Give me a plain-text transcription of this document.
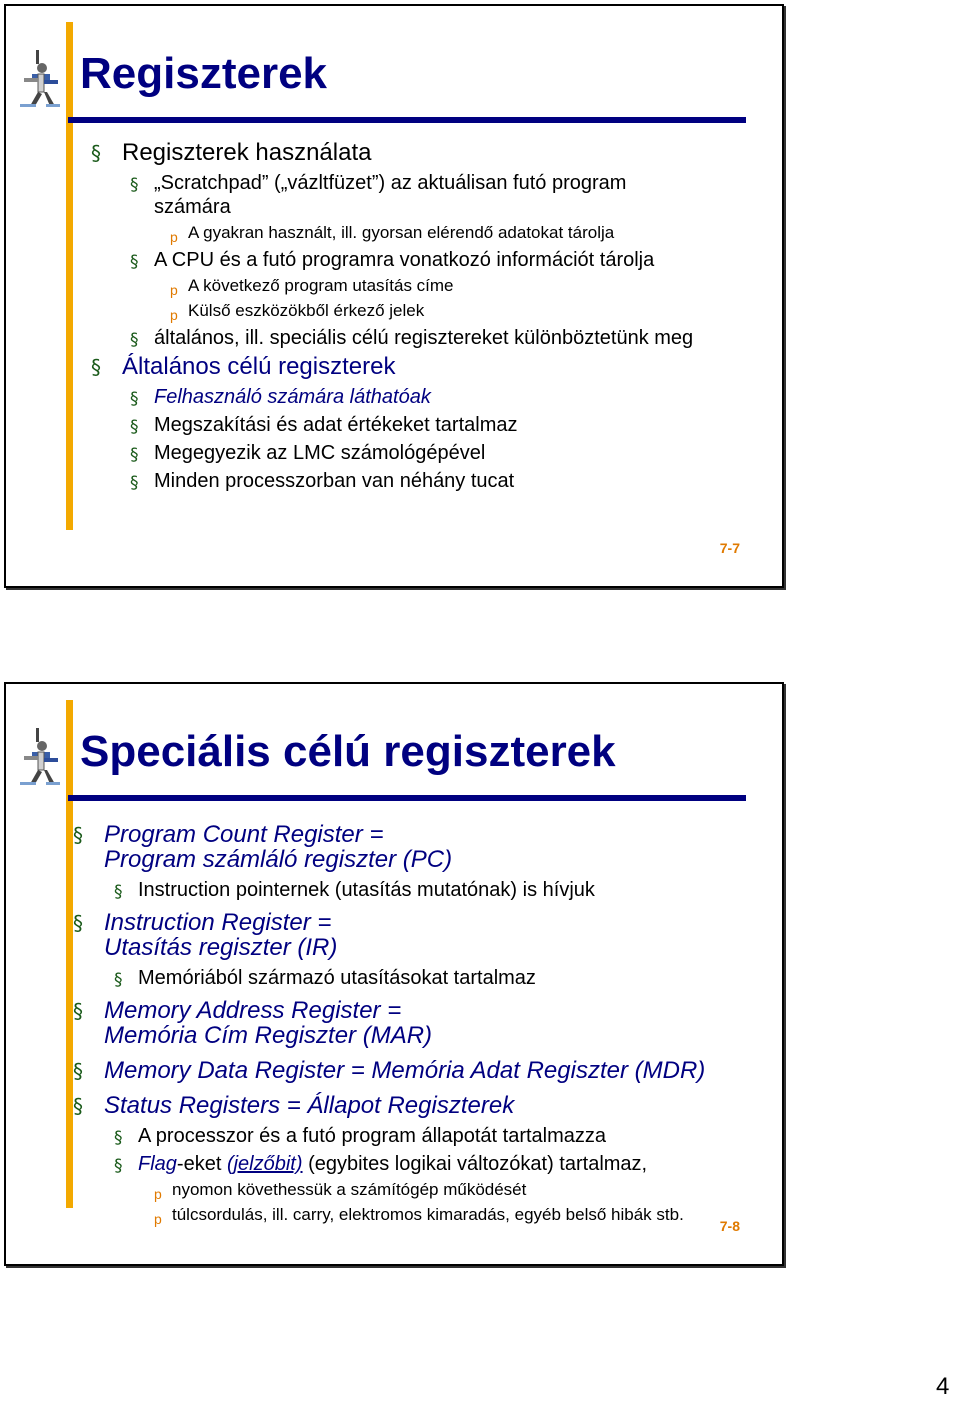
Regiszterek
§ Regiszterek használata
§ „Scratchpad” („vázltfüzet”) az aktuálisan futó program
számára
p A gyakran használt, ill. gyorsan elérendő adatokat tárolja
§ A CPU és a futó programra vonatkozó információt tárolja
p A következő program utasítás címe
p Külső eszközökből érkező jelek
§ általános, ill. speciális célú regisztereket különböztetünk meg
§ Általános célú regiszterek
§ Felhasználó számára láthatóak
§ Megszakítási és adat értékeket tartalmaz
§ Megegyezik az LMC számológépével
§ Minden processzorban van néhány tucat
7-7
Speciális célú regiszterek
§ Program Count Register =
Program számláló regiszter (PC)
§ Instruction pointernek (utasítás mutatónak) is hívjuk
§ Instruction Register =
Utasítás regiszter (IR)
§ Memóriából származó utasításokat tartalmaz
§ Memory Address Register =
Memória Cím Regiszter (MAR)
§ Memory Data Register = Memória Adat Regiszter (MDR)
§ Status Registers = Állapot Regiszterek
§ A processzor és a futó program állapotát tartalmazza
§ Flag-eket (jelzőbit) (egybites logikai változókat) tartalmaz,
p nyomon követhessük a számítógép működését
p túlcsordulás, ill. carry, elektromos kimaradás, egyéb belső hibák stb.
7-8
4
